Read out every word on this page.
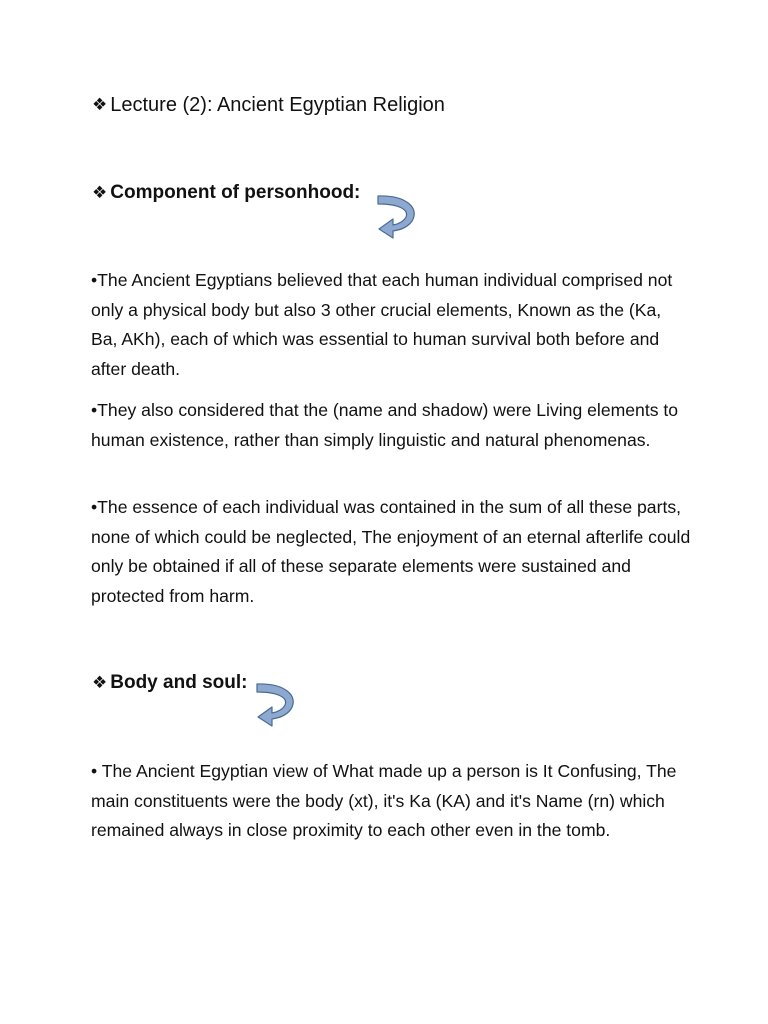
❖ Lecture (2): Ancient Egyptian Religion
❖ Component of personhood:

•The Ancient Egyptians believed that each human individual comprised not only a physical body but also 3 other crucial elements, Known as the (Ka, Ba, AKh), each of which was essential to human survival both before and after death.

•They also considered that the (name and shadow) were Living elements to human existence, rather than simply linguistic and natural phenomenas.

•The essence of each individual was contained in the sum of all these parts, none of which could be neglected, The enjoyment of an eternal afterlife could only be obtained if all of these separate elements were sustained and protected from harm.

❖ Body and soul:

• The Ancient Egyptian view of What made up a person is It Confusing, The main constituents were the body (xt), it's Ka (KA) and it's Name (rn) which remained always in close proximity to each other even in the tomb.
